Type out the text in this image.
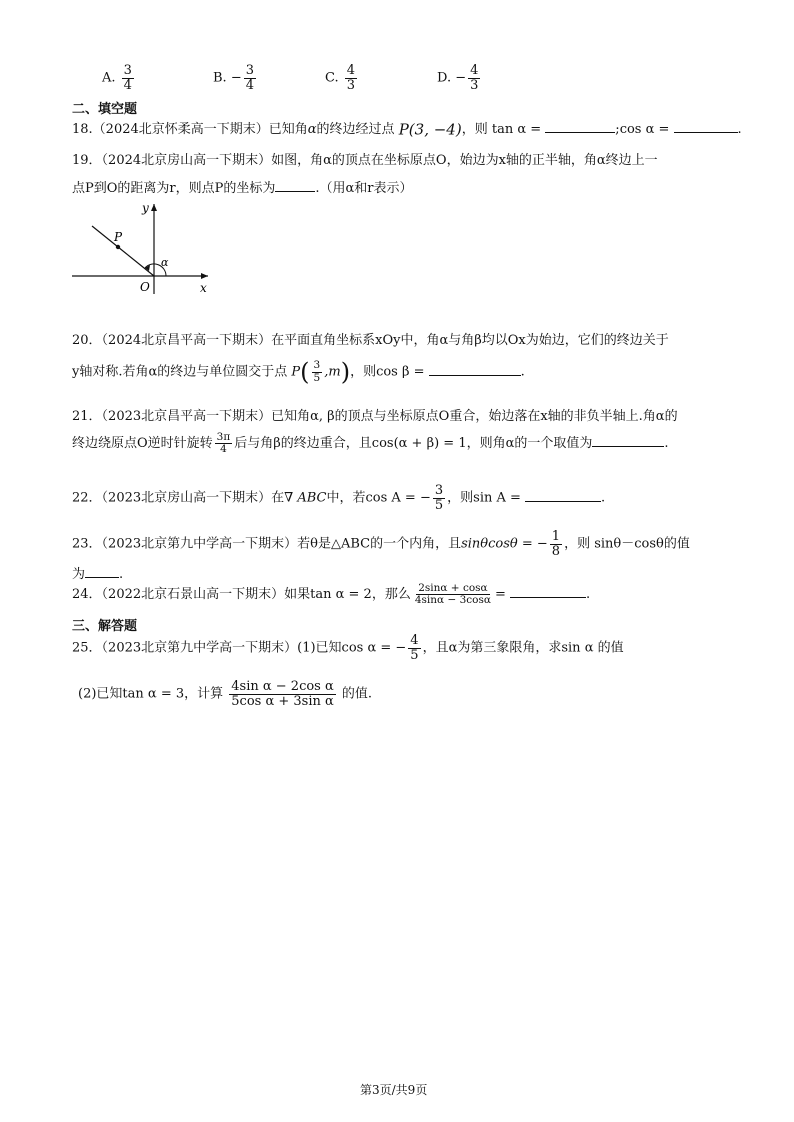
A. $\frac{3}{4}$	B. − $\frac{3}{4}$	C. $\frac{4}{3}$	D. − $\frac{4}{3}$
二、填空题
18.（2024北京怀柔高一下期末）已知角α的终边经过点 P(3, −4)，则 tan α =	;cos α =	.
19．（2024北京房山高一下期末）如图，角α的顶点在坐标原点O，始边为x轴的正半轴，角α终边上一
点P到O的距离为r，则点P的坐标为	.（用α和r表示）
y
x
O
P
α
20．（2024北京昌平高一下期末）在平面直角坐标系xOy中，角α与角β均以Ox为始边，它们的终边关于
y轴对称.若角α的终边与单位圆交于点 $P( \frac{3}{5} ,m)$，则cos β =	.
21．（2023北京昌平高一下期末）已知角α, β的顶点与坐标原点O重合，始边落在x轴的非负半轴上.角α的
终边绕原点O逆时针旋转 $\frac{3\pi}{4}$ 后与角β的终边重合，且cos(α + β) = 1，则角α的一个取值为	.
22．（2023北京房山高一下期末）在∇ ABC中，若cos A = − $\frac{3}{5}$ ，则sin A =	.
23．（2023北京第九中学高一下期末）若θ是△ABC的一个内角，且sinθcosθ = − $\frac{1}{8}$ ，则 sinθ－cosθ的值
为	.
24．（2022北京石景山高一下期末）如果tan α = 2，那么 $\frac{2\sin\alpha + \cos\alpha}{4\sin\alpha - 3\cos\alpha}$ =	.
三、解答题
25．（2023北京第九中学高一下期末）(1)已知cos α = − $\frac{4}{5}$ ，且α为第三象限角，求sin α 的值
(2)已知tan α = 3，计算 $\frac{\text{4sin α − 2cos α}}{\text{5cos α + 3sin α}}$ 的值.
第3页/共9页
